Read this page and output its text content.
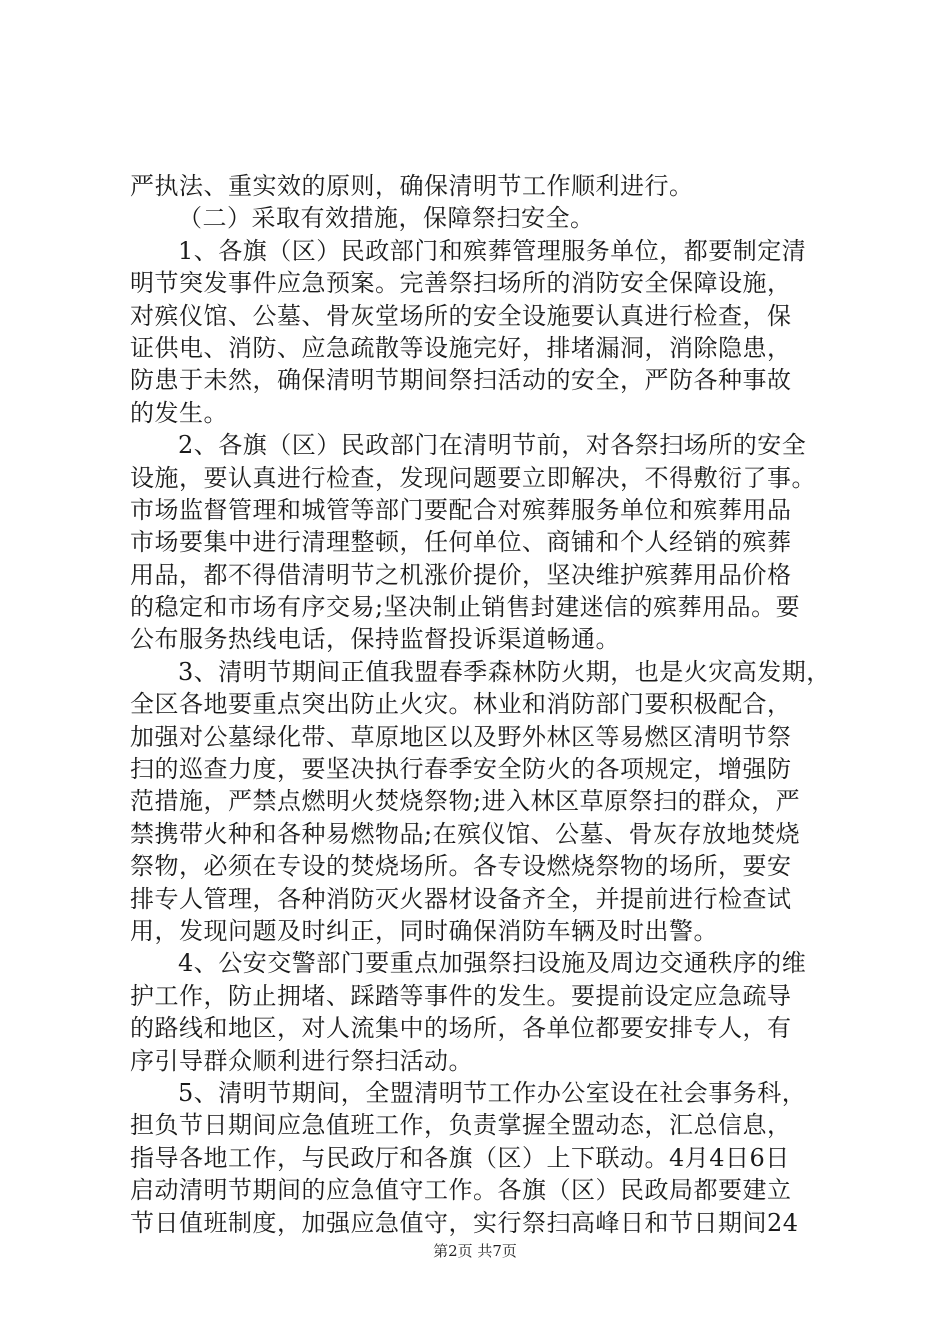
严执法、重实效的原则，确保清明节工作顺利进行。
（二）采取有效措施，保障祭扫安全。
1、各旗（区）民政部门和殡葬管理服务单位，都要制定清
明节突发事件应急预案。完善祭扫场所的消防安全保障设施，
对殡仪馆、公墓、骨灰堂场所的安全设施要认真进行检查，保
证供电、消防、应急疏散等设施完好，排堵漏洞，消除隐患，
防患于未然，确保清明节期间祭扫活动的安全，严防各种事故
的发生。
2、各旗（区）民政部门在清明节前，对各祭扫场所的安全
设施，要认真进行检查，发现问题要立即解决，不得敷衍了事。
市场监督管理和城管等部门要配合对殡葬服务单位和殡葬用品
市场要集中进行清理整顿，任何单位、商铺和个人经销的殡葬
用品，都不得借清明节之机涨价提价，坚决维护殡葬用品价格
的稳定和市场有序交易;坚决制止销售封建迷信的殡葬用品。要
公布服务热线电话，保持监督投诉渠道畅通。
3、清明节期间正值我盟春季森林防火期，也是火灾高发期，
全区各地要重点突出防止火灾。林业和消防部门要积极配合，
加强对公墓绿化带、草原地区以及野外林区等易燃区清明节祭
扫的巡查力度，要坚决执行春季安全防火的各项规定，增强防
范措施，严禁点燃明火焚烧祭物;进入林区草原祭扫的群众，严
禁携带火种和各种易燃物品;在殡仪馆、公墓、骨灰存放地焚烧
祭物，必须在专设的焚烧场所。各专设燃烧祭物的场所，要安
排专人管理，各种消防灭火器材设备齐全，并提前进行检查试
用，发现问题及时纠正，同时确保消防车辆及时出警。
4、公安交警部门要重点加强祭扫设施及周边交通秩序的维
护工作，防止拥堵、踩踏等事件的发生。要提前设定应急疏导
的路线和地区，对人流集中的场所，各单位都要安排专人，有
序引导群众顺利进行祭扫活动。
5、清明节期间，全盟清明节工作办公室设在社会事务科，
担负节日期间应急值班工作，负责掌握全盟动态，汇总信息，
指导各地工作，与民政厅和各旗（区）上下联动。4月4日6日
启动清明节期间的应急值守工作。各旗（区）民政局都要建立
节日值班制度，加强应急值守，实行祭扫高峰日和节日期间24
第2页 共7页
